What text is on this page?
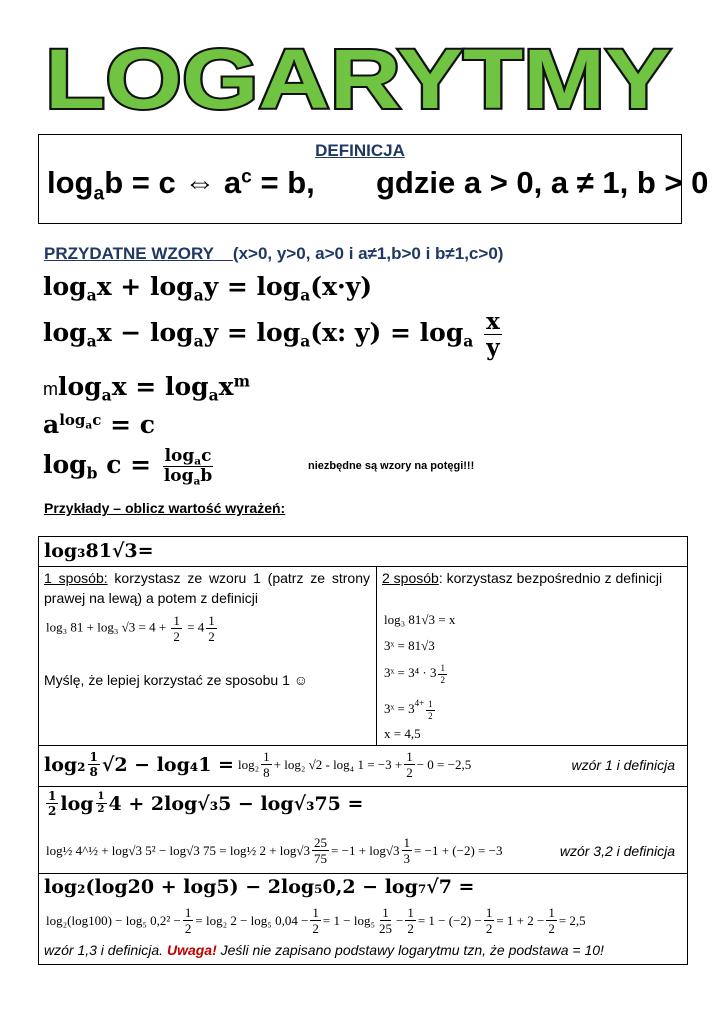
LOGARYTMY
DEFINICJA
$\log_ab = c$ ⇔ $a^c = b$, gdzie a > 0, a ≠ 1, b > 0
PRZYDATNE WZORY (x>0, y>0, a>0 i a≠1,b>0 i b≠1,c>0)
$\log_ax + \log_ay = \log_a(x\cdot y)$
$\log_ax - \log_ay = \log_a(x$: $y) = \log_a \frac{x}{y}$
$mlog_ax = \log_ax^m$
$a^{log_ac} = c$
$\log_b c = \frac{\log_ac}{\log_ab}$	niezbędne są wzory na potęgi!!!
Przykłady – oblicz wartość wyrażeń:
log₃81√3=
1 sposób: korzystasz ze wzoru 1 (patrz ze strony prawej na lewą) a potem z definicji
log₃ 81 + log₃ $√3 = 4 + \frac{1}{2} = 4 \frac{1}{2}$
Myślę, że lepiej korzystać ze sposobu 1 ☺
2 sposób: korzystasz bezpośrednio z definicji
log₃ 81√3 = x
3ˣ = 81√3
3ˣ = $3^4 \cdot 3 \frac{1}{2}$
3ˣ = $3^{4+} \frac{1}{2}$
x = 4,5
$\log_2 \frac{1}{8} √2 - \log_41 = \log_2 \frac{1}{8} + \log_2$ √2 - log₄ $1 = -3 + \frac{1}{2} - 0 = -2,5$	wzór 1 i definicja
$\frac{1}{2}$ $\log \frac{1}{2} 4 + 2\log√_35 - \log√_375$ =
log½ 4^½ + log√3 5² − log√3 75 = log½ $2 + \log√3 \frac{25}{75} = -1 + \log√3 \frac{1}{3} = -1 + (-2) = -3$	wzór 3,2 i definicja
log₂(log20 + log5) − 2log₅0,2 − log₇√7 =
log₂(log100) − log₅ $0,2^2 - \frac{1}{2} = \log_2$ 2 − log₅ $0,04 - \frac{1}{2} = 1 - \log_5 \frac{1}{25} - \frac{1}{2} = 1 - (-2) - \frac{1}{2} = 1 + 2 - \frac{1}{2} = 2,5$
wzór 1,3 i definicja. Uwaga! Jeśli nie zapisano podstawy logarytmu tzn, że podstawa = 10!
